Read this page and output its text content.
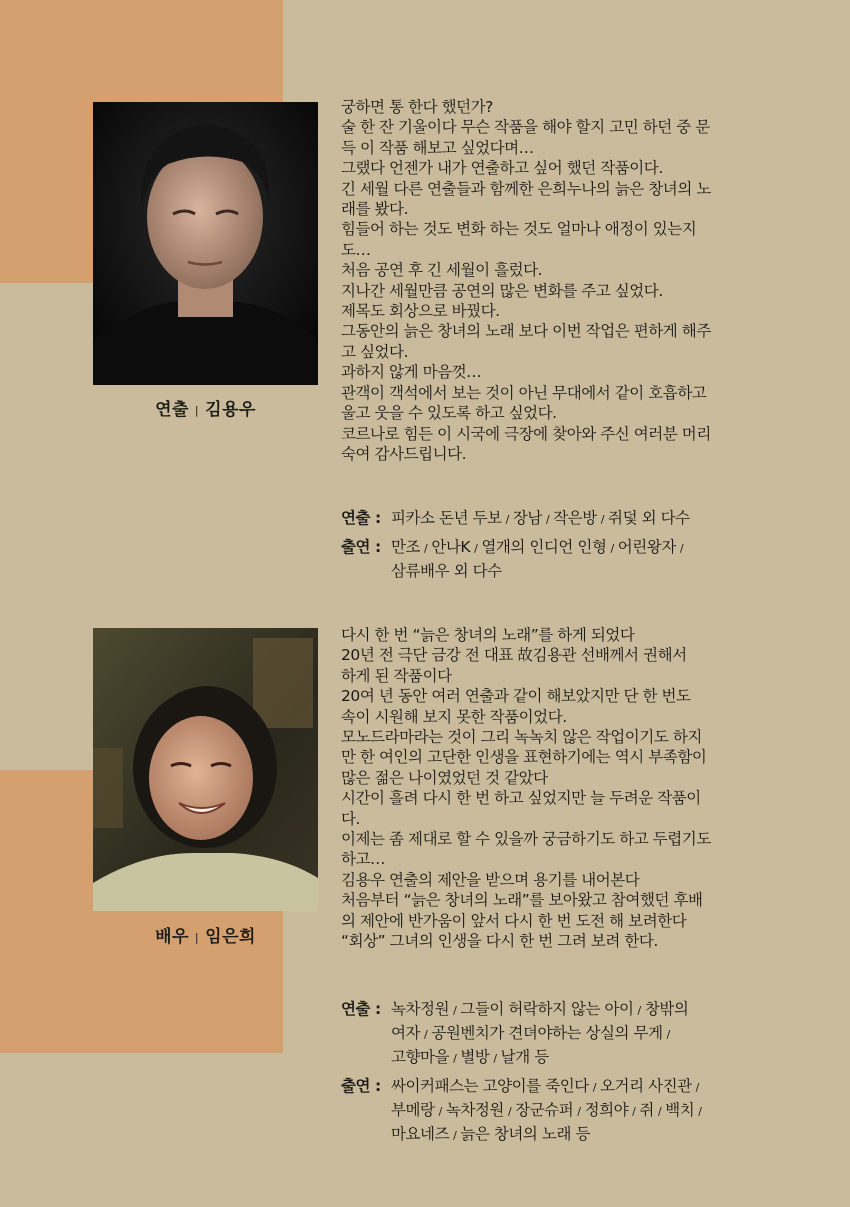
연출 | 김용우
궁하면 통 한다 했던가?
술 한 잔 기울이다 무슨 작품을 해야 할지 고민 하던 중 문
득 이 작품 해보고 싶었다며…
그랬다 언젠가 내가 연출하고 싶어 했던 작품이다.
긴 세월 다른 연출들과 함께한 은희누나의 늙은 창녀의 노
래를 봤다.
힘들어 하는 것도 변화 하는 것도 얼마나 애정이 있는지
도…
처음 공연 후 긴 세월이 흘렀다.
지나간 세월만큼 공연의 많은 변화를 주고 싶었다.
제목도 회상으로 바꿨다.
그동안의 늙은 창녀의 노래 보다 이번 작업은 편하게 해주
고 싶었다.
과하지 않게 마음껏…
관객이 객석에서 보는 것이 아닌 무대에서 같이 호흡하고
울고 웃을 수 있도록 하고 싶었다.
코르나로 힘든 이 시국에 극장에 찾아와 주신 여러분 머리
숙여 감사드립니다.
연출 : 피카소 돈년 두보 / 장남 / 작은방 / 쥐덫 외 다수
출연 : 만조 / 안나K / 열개의 인디언 인형 / 어린왕자 /
삼류배우 외 다수
배우 | 임은희
다시 한 번 “늙은 창녀의 노래”를 하게 되었다
20년 전 극단 금강 전 대표 故김용관 선배께서 권해서
하게 된 작품이다
20여 년 동안 여러 연출과 같이 해보았지만 단 한 번도
속이 시원해 보지 못한 작품이었다.
모노드라마라는 것이 그리 녹녹치 않은 작업이기도 하지
만 한 여인의 고단한 인생을 표현하기에는 역시 부족함이
많은 젊은 나이였었던 것 같았다
시간이 흘려 다시 한 번 하고 싶었지만 늘 두려운 작품이
다.
이제는 좀 제대로 할 수 있을까 궁금하기도 하고 두렵기도
하고…
김용우 연출의 제안을 받으며 용기를 내어본다
처음부터 “늙은 창녀의 노래”를 보아왔고 참여했던 후배
의 제안에 반가움이 앞서 다시 한 번 도전 해 보려한다
“회상” 그녀의 인생을 다시 한 번 그려 보려 한다.
연출 : 녹차정원 / 그들이 허락하지 않는 아이 / 창밖의
여자 / 공원벤치가 견뎌야하는 상실의 무게 /
고향마을 / 별방 / 날개 등
출연 : 싸이커패스는 고양이를 죽인다 / 오거리 사진관 /
부메랑 / 녹차정원 / 장군슈퍼 / 정희야 / 쥐 / 백치 /
마요네즈 / 늙은 창녀의 노래 등
